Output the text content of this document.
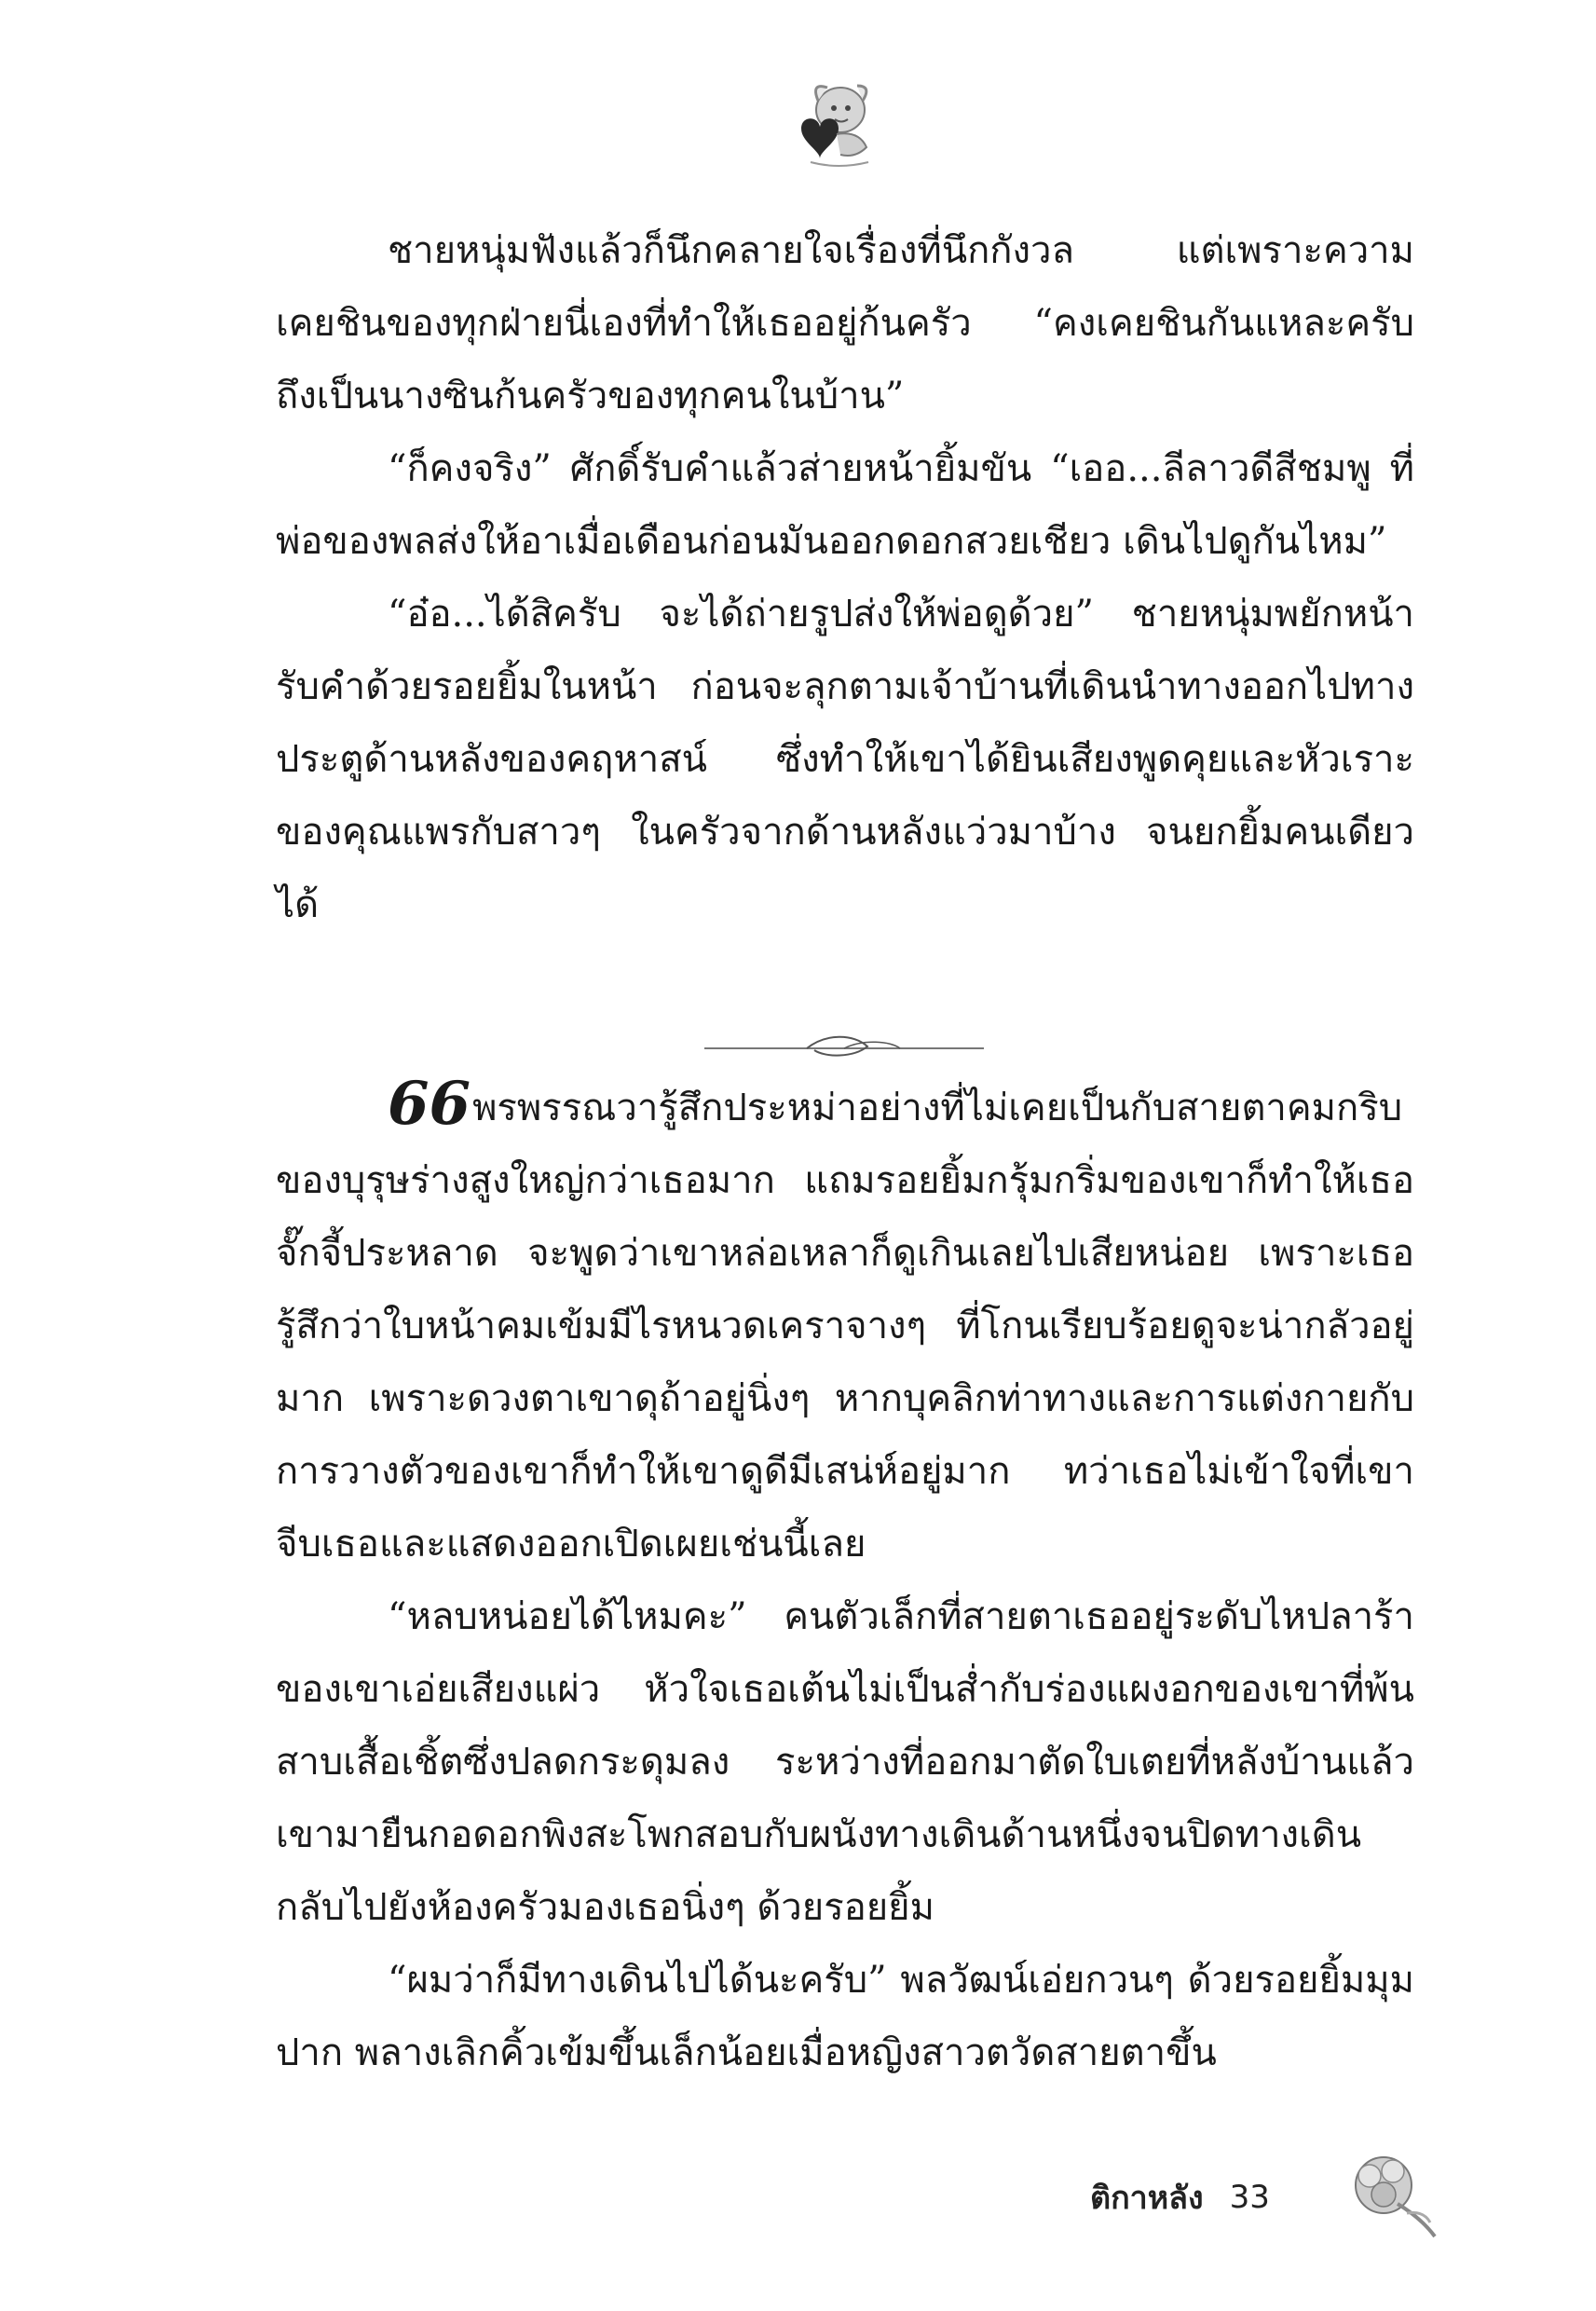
ชายหนุ่มฟังแล้วก็นึกคลายใจเรื่องที่นึกกังวล แต่เพราะความเคยชินของทุกฝ่ายนี่เองที่ทำให้เธออยู่ก้นครัว “คงเคยชินกันแหละครับ ถึงเป็นนางซินก้นครัวของทุกคนในบ้าน”

“ก็คงจริง” ศักดิ์รับคำแล้วส่ายหน้ายิ้มขัน “เออ...ลีลาวดีสีชมพู ที่พ่อของพลส่งให้อาเมื่อเดือนก่อนมันออกดอกสวยเชียว เดินไปดูกันไหม”

“อ๋อ...ได้สิครับ จะได้ถ่ายรูปส่งให้พ่อดูด้วย” ชายหนุ่มพยักหน้ารับคำด้วยรอยยิ้มในหน้า ก่อนจะลุกตามเจ้าบ้านที่เดินนำทางออกไปทางประตูด้านหลังของคฤหาสน์ ซึ่งทำให้เขาได้ยินเสียงพูดคุยและหัวเราะของคุณแพรกับสาวๆ ในครัวจากด้านหลังแว่วมาบ้าง จนยกยิ้มคนเดียวได้

66พรพรรณวารู้สึกประหม่าอย่างที่ไม่เคยเป็นกับสายตาคมกริบของบุรุษร่างสูงใหญ่กว่าเธอมาก แถมรอยยิ้มกรุ้มกริ่มของเขาก็ทำให้เธอจั๊กจี้ประหลาด จะพูดว่าเขาหล่อเหลาก็ดูเกินเลยไปเสียหน่อย เพราะเธอรู้สึกว่าใบหน้าคมเข้มมีไรหนวดเคราจางๆ ที่โกนเรียบร้อยดูจะน่ากลัวอยู่มาก เพราะดวงตาเขาดุถ้าอยู่นิ่งๆ หากบุคลิกท่าทางและการแต่งกายกับการวางตัวของเขาก็ทำให้เขาดูดีมีเสน่ห์อยู่มาก ทว่าเธอไม่เข้าใจที่เขาจีบเธอและแสดงออกเปิดเผยเช่นนี้เลย

“หลบหน่อยได้ไหมคะ” คนตัวเล็กที่สายตาเธออยู่ระดับไหปลาร้าของเขาเอ่ยเสียงแผ่ว หัวใจเธอเต้นไม่เป็นส่ำกับร่องแผงอกของเขาที่พ้นสาบเสื้อเชิ้ตซึ่งปลดกระดุมลง ระหว่างที่ออกมาตัดใบเตยที่หลังบ้านแล้วเขามายืนกอดอกพิงสะโพกสอบกับผนังทางเดินด้านหนึ่งจนปิดทางเดินกลับไปยังห้องครัวมองเธอนิ่งๆ ด้วยรอยยิ้ม

“ผมว่าก็มีทางเดินไปได้นะครับ” พลวัฒน์เอ่ยกวนๆ ด้วยรอยยิ้มมุมปาก พลางเลิกคิ้วเข้มขึ้นเล็กน้อยเมื่อหญิงสาวตวัดสายตาขึ้น

ติกาหลัง 33
